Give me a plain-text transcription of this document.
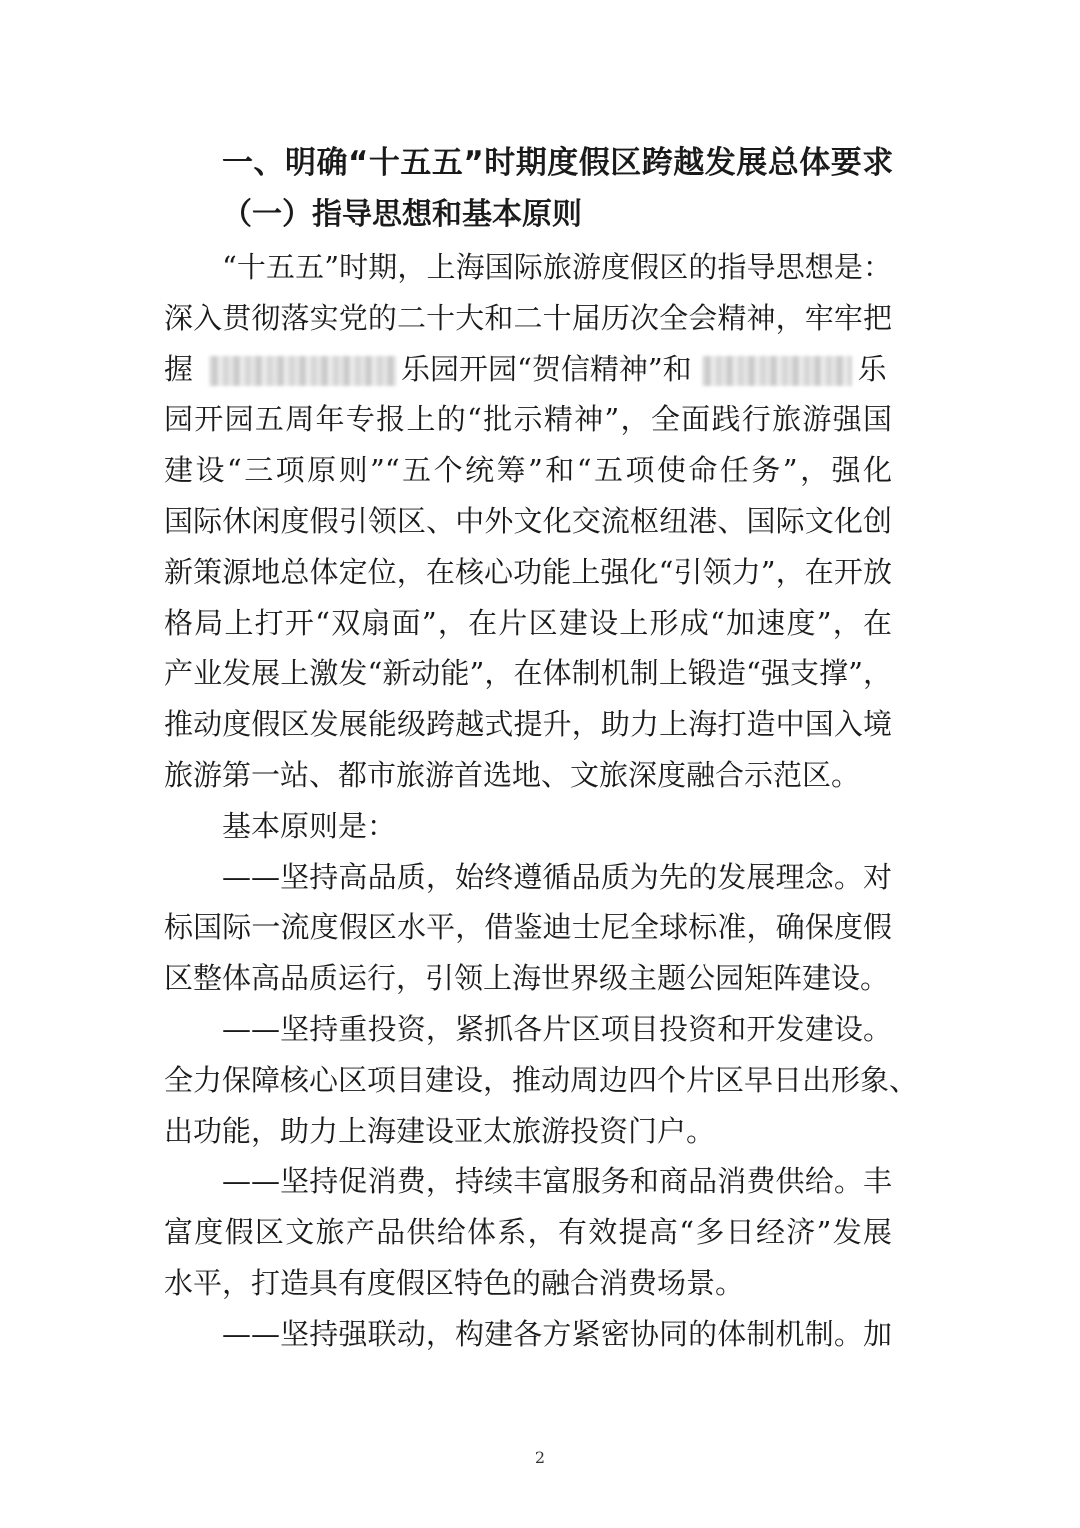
一、明确“十五五”时期度假区跨越发展总体要求
（一）指导思想和基本原则
“十五五”时期，上海国际旅游度假区的指导思想是：
深入贯彻落实党的二十大和二十届历次全会精神，牢牢把
握	乐园开园“贺信精神”和	乐
园开园五周年专报上的“批示精神”，全面践行旅游强国
建设“三项原则”“五个统筹”和“五项使命任务”，强化
国际休闲度假引领区、中外文化交流枢纽港、国际文化创
新策源地总体定位，在核心功能上强化“引领力”，在开放
格局上打开“双扇面”，在片区建设上形成“加速度”，在
产业发展上激发“新动能”，在体制机制上锻造“强支撑”，
推动度假区发展能级跨越式提升，助力上海打造中国入境
旅游第一站、都市旅游首选地、文旅深度融合示范区。
基本原则是：
——坚持高品质，始终遵循品质为先的发展理念。对
标国际一流度假区水平，借鉴迪士尼全球标准，确保度假
区整体高品质运行，引领上海世界级主题公园矩阵建设。
——坚持重投资，紧抓各片区项目投资和开发建设。
全力保障核心区项目建设，推动周边四个片区早日出形象、
出功能，助力上海建设亚太旅游投资门户。
——坚持促消费，持续丰富服务和商品消费供给。丰
富度假区文旅产品供给体系，有效提高“多日经济”发展
水平，打造具有度假区特色的融合消费场景。
——坚持强联动，构建各方紧密协同的体制机制。加
2
